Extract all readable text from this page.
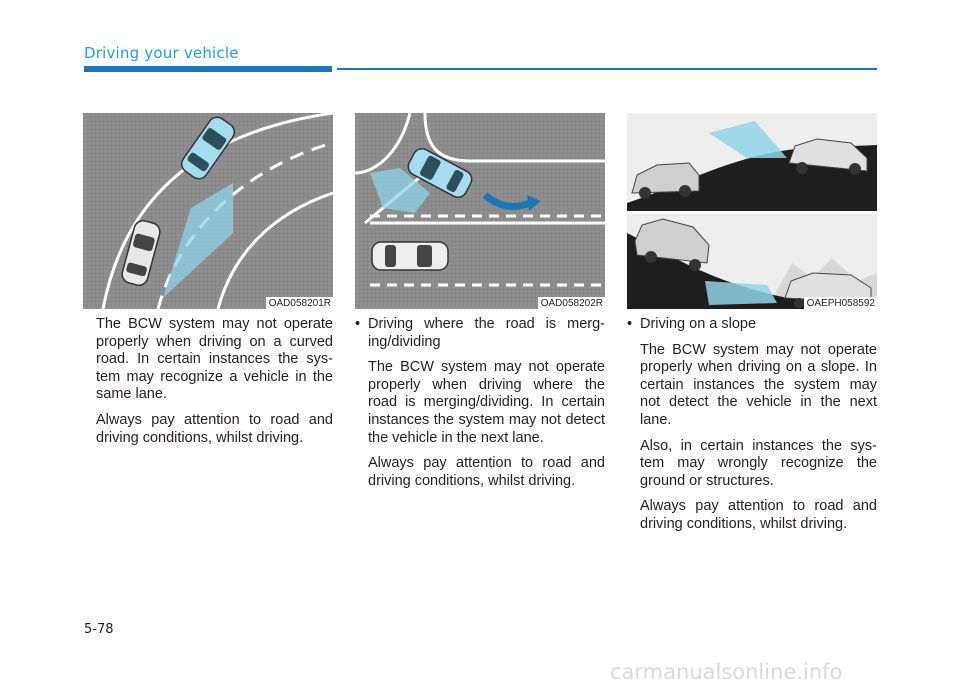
Driving your vehicle
OAD058201R	OAD058202R	OAEPH058592

The BCW system may not operate properly when driving on a curved road. In certain instances the sys-tem may recognize a vehicle in the same lane.

Always pay attention to road and driving conditions, whilst driving.

• Driving where the road is merg-ing/dividing

The BCW system may not operate properly when driving where the road is merging/dividing. In certain instances the system may not detect the vehicle in the next lane.

Always pay attention to road and driving conditions, whilst driving.

• Driving on a slope

The BCW system may not operate properly when driving on a slope. In certain instances the system may not detect the vehicle in the next lane.

Also, in certain instances the sys-tem may wrongly recognize the ground or structures.

Always pay attention to road and driving conditions, whilst driving.

5-78
carmanualsonline.info
